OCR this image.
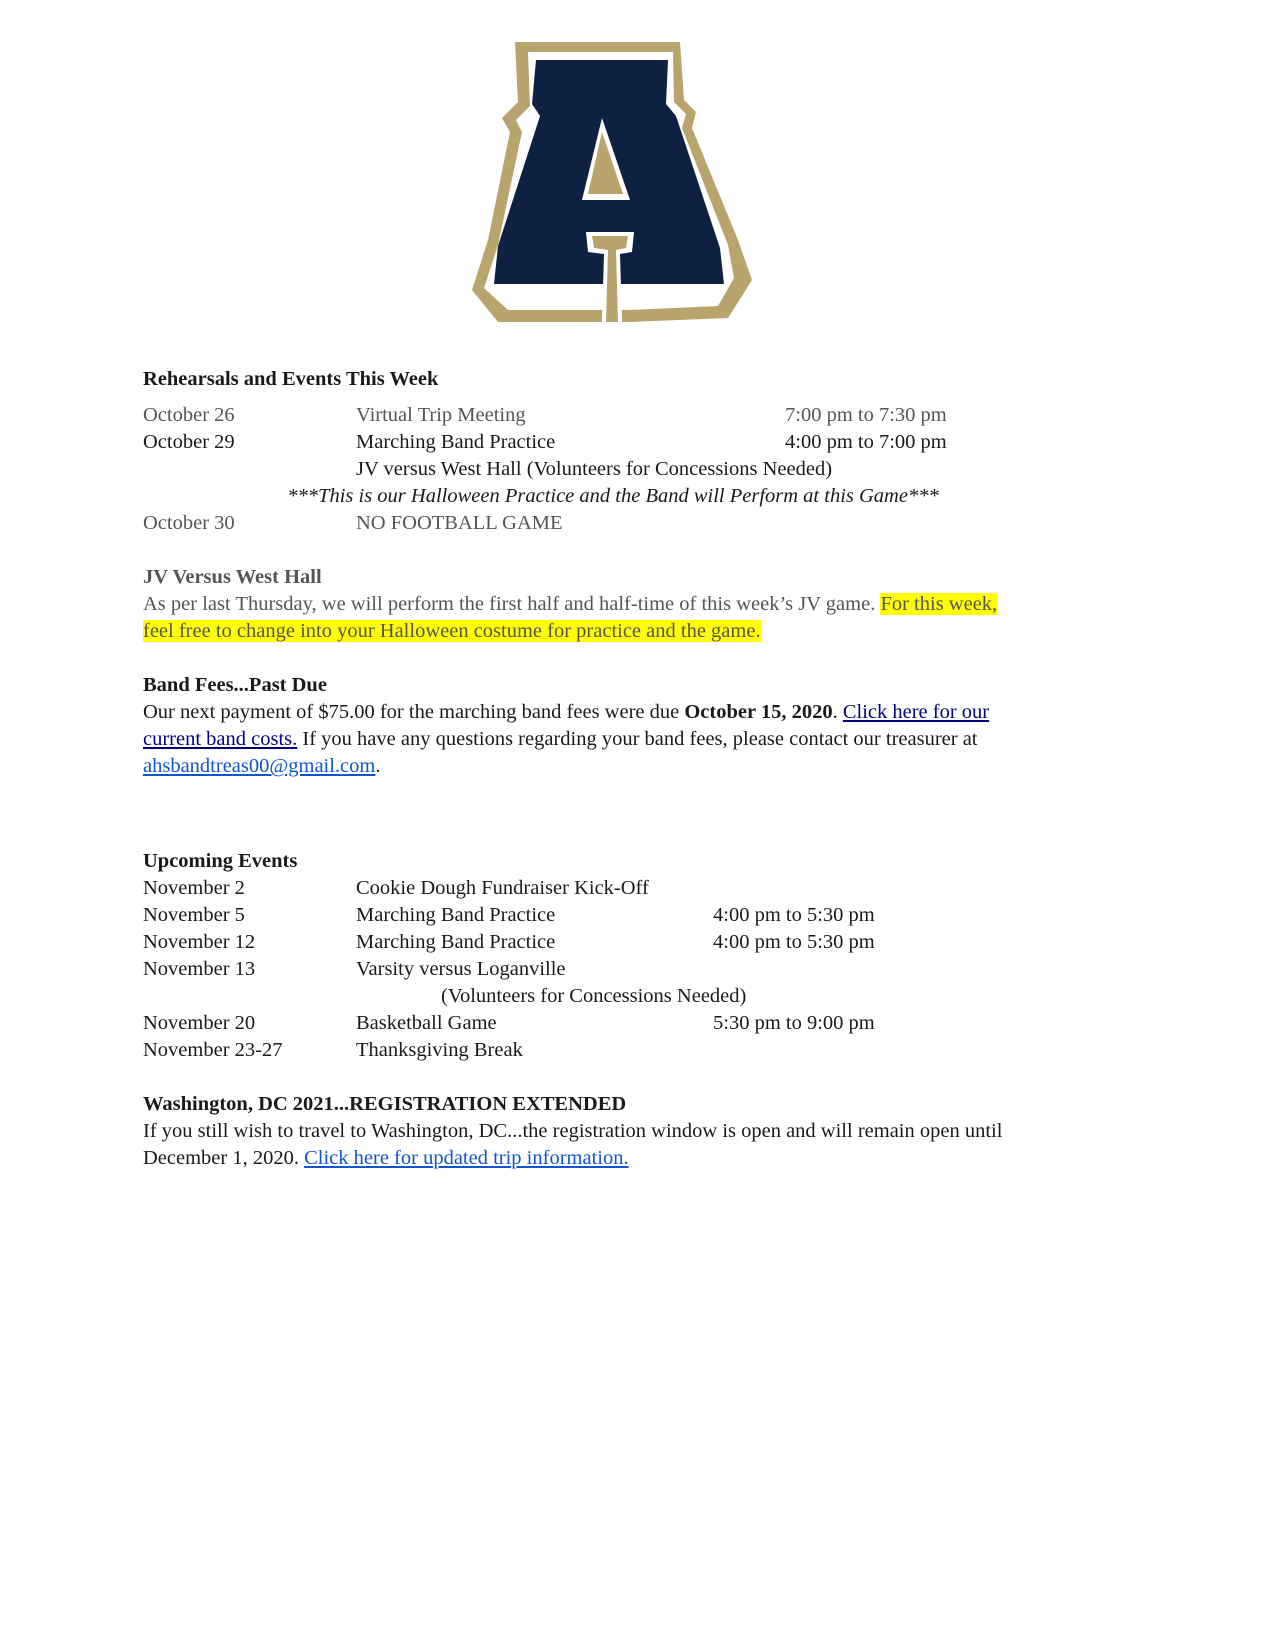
Rehearsals and Events This Week
October 26	Virtual Trip Meeting	7:00 pm to 7:30 pm
October 29	Marching Band Practice	4:00 pm to 7:00 pm
JV versus West Hall (Volunteers for Concessions Needed)
***This is our Halloween Practice and the Band will Perform at this Game***
October 30	NO FOOTBALL GAME
JV Versus West Hall

As per last Thursday, we will perform the first half and half-time of this week’s JV game. For this week,
feel free to change into your Halloween costume for practice and the game.

Band Fees...Past Due

Our next payment of $75.00 for the marching band fees were due October 15, 2020. Click here for our
current band costs. If you have any questions regarding your band fees, please contact our treasurer at
ahsbandtreas00@gmail.com.

Upcoming Events
November 2	Cookie Dough Fundraiser Kick-Off
November 5	Marching Band Practice	4:00 pm to 5:30 pm
November 12	Marching Band Practice	4:00 pm to 5:30 pm
November 13	Varsity versus Loganville
(Volunteers for Concessions Needed)
November 20	Basketball Game	5:30 pm to 9:00 pm
November 23-27	Thanksgiving Break
Washington, DC 2021...REGISTRATION EXTENDED

If you still wish to travel to Washington, DC...the registration window is open and will remain open until
December 1, 2020. Click here for updated trip information.
